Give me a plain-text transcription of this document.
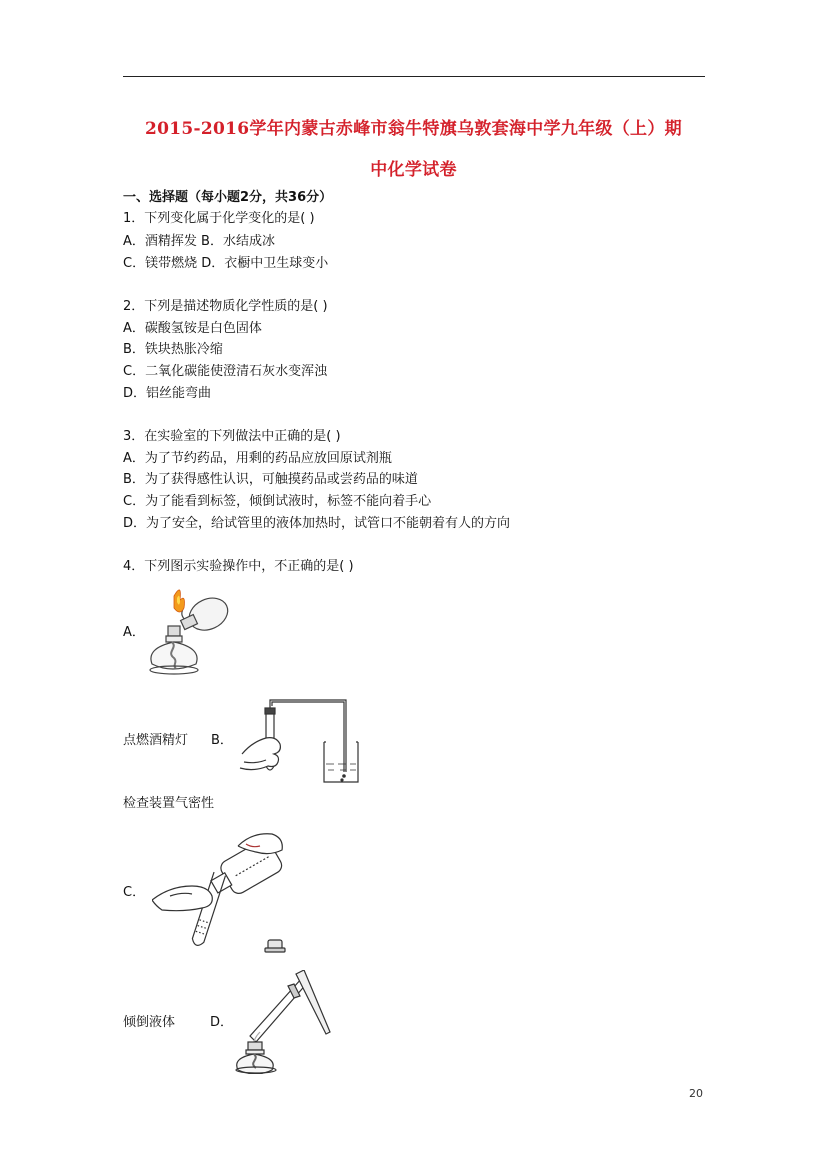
2015-2016学年内蒙古赤峰市翁牛特旗乌敦套海中学九年级（上）期
中化学试卷
一、选择题（每小题2分，共36分）
1．下列变化属于化学变化的是( )
A．酒精挥发 B．水结成冰
C．镁带燃烧 D．衣橱中卫生球变小
2．下列是描述物质化学性质的是( )
A．碳酸氢铵是白色固体
B．铁块热胀冷缩
C．二氧化碳能使澄清石灰水变浑浊
D．铝丝能弯曲
3．在实验室的下列做法中正确的是( )
A．为了节约药品，用剩的药品应放回原试剂瓶
B．为了获得感性认识，可触摸药品或尝药品的味道
C．为了能看到标签，倾倒试液时，标签不能向着手心
D．为了安全，给试管里的液体加热时，试管口不能朝着有人的方向
4．下列图示实验操作中，不正确的是( )
A．
点燃酒精灯 B．
检查装置气密性
C．
倾倒液体	D．
20
